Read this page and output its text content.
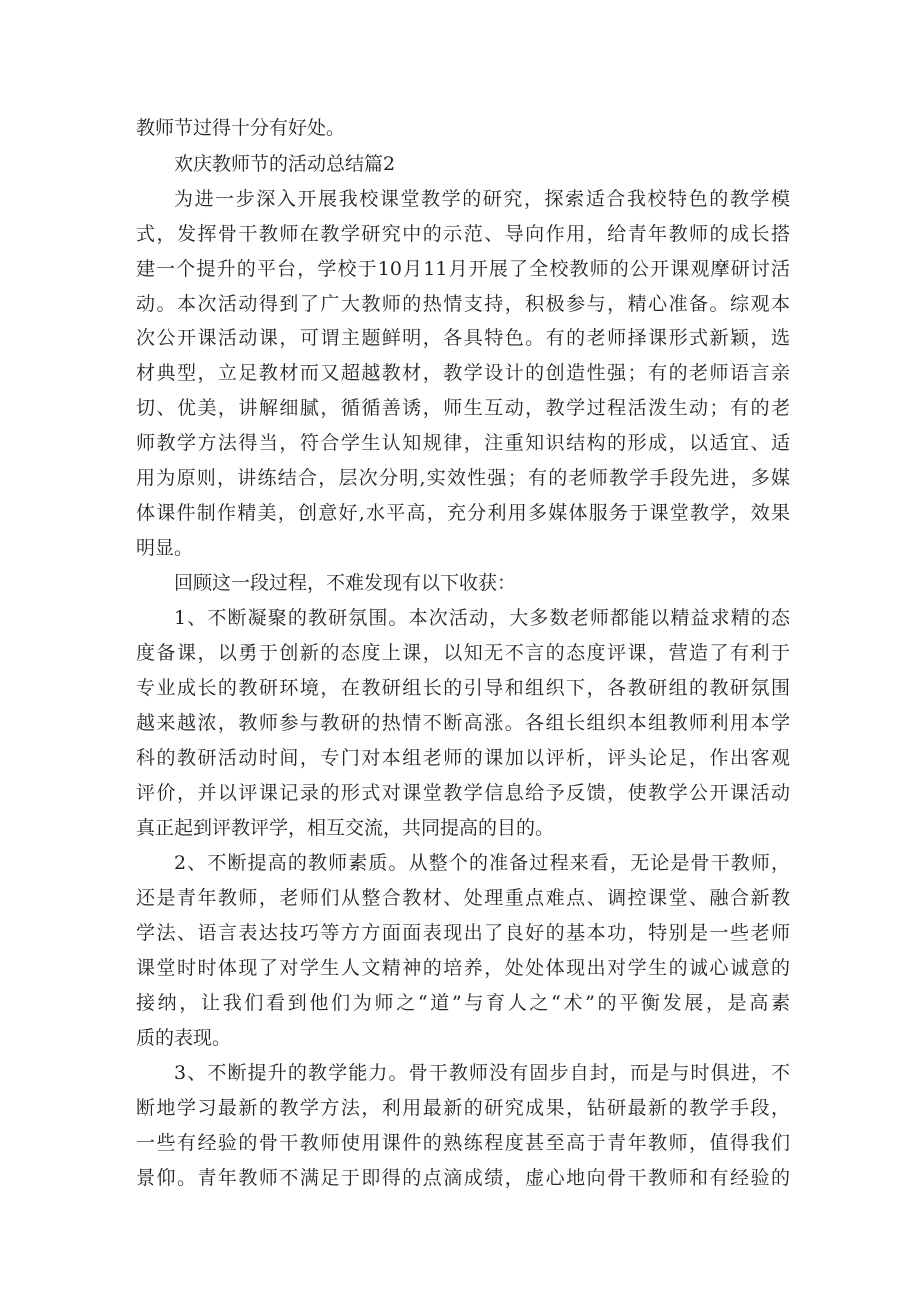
教师节过得十分有好处。
欢庆教师节的活动总结篇2
为进一步深入开展我校课堂教学的研究，探索适合我校特色的教学模
式，发挥骨干教师在教学研究中的示范、导向作用，给青年教师的成长搭
建一个提升的平台，学校于10月11月开展了全校教师的公开课观摩研讨活
动。本次活动得到了广大教师的热情支持，积极参与，精心准备。综观本
次公开课活动课，可谓主题鲜明，各具特色。有的老师择课形式新颖，选
材典型，立足教材而又超越教材，教学设计的创造性强；有的老师语言亲
切、优美，讲解细腻，循循善诱，师生互动，教学过程活泼生动；有的老
师教学方法得当，符合学生认知规律，注重知识结构的形成，以适宜、适
用为原则，讲练结合，层次分明,实效性强；有的老师教学手段先进，多媒
体课件制作精美，创意好,水平高，充分利用多媒体服务于课堂教学，效果
明显。
回顾这一段过程，不难发现有以下收获：
1、不断凝聚的教研氛围。本次活动，大多数老师都能以精益求精的态
度备课，以勇于创新的态度上课，以知无不言的态度评课，营造了有利于
专业成长的教研环境，在教研组长的引导和组织下，各教研组的教研氛围
越来越浓，教师参与教研的热情不断高涨。各组长组织本组教师利用本学
科的教研活动时间，专门对本组老师的课加以评析，评头论足，作出客观
评价，并以评课记录的形式对课堂教学信息给予反馈，使教学公开课活动
真正起到评教评学，相互交流，共同提高的目的。
2、不断提高的教师素质。从整个的准备过程来看，无论是骨干教师，
还是青年教师，老师们从整合教材、处理重点难点、调控课堂、融合新教
学法、语言表达技巧等方方面面表现出了良好的基本功，特别是一些老师
课堂时时体现了对学生人文精神的培养，处处体现出对学生的诚心诚意的
接纳，让我们看到他们为师之“道”与育人之“术”的平衡发展，是高素
质的表现。
3、不断提升的教学能力。骨干教师没有固步自封，而是与时俱进，不
断地学习最新的教学方法，利用最新的研究成果，钻研最新的教学手段，
一些有经验的骨干教师使用课件的熟练程度甚至高于青年教师，值得我们
景仰。青年教师不满足于即得的点滴成绩，虚心地向骨干教师和有经验的
